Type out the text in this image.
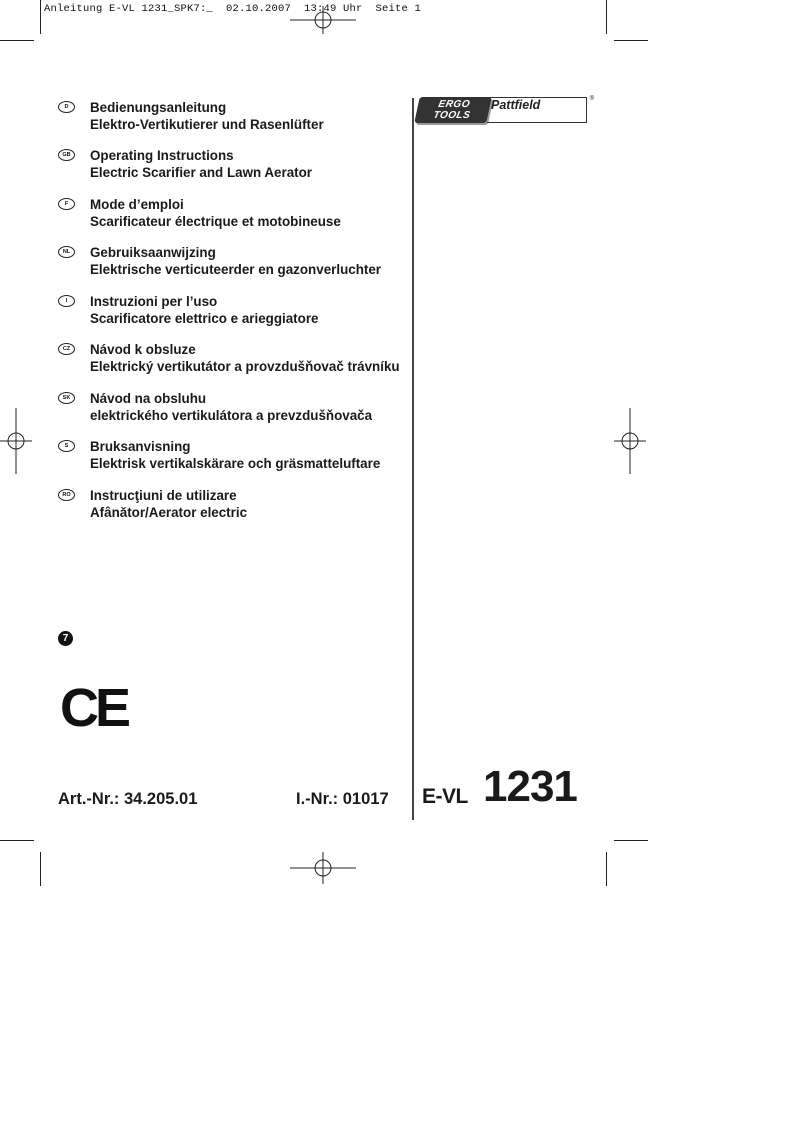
Anleitung E-VL 1231_SPK7:_  02.10.2007  13:49 Uhr  Seite 1
D	Bedienungsanleitung
Elektro-Vertikutierer und Rasenlüfter
GB	Operating Instructions
Electric Scarifier and Lawn Aerator
F	Mode d’emploi
Scarificateur électrique et motobineuse
NL	Gebruiksaanwijzing
Elektrische verticuteerder en gazonverluchter
I	Instruzioni per l’uso
Scarificatore elettrico e arieggiatore
CZ	Návod k obsluze
Elektrický vertikutátor a provzdušňovač trávníku
SK	Návod na obsluhu
elektrického vertikulátora a prevzdušňovača
S	Bruksanvisning
Elektrisk vertikalskärare och gräsmatteluftare
RO	Instrucţiuni de utilizare
Afânător/Aerator electric
ERGO
TOOLS
Pattfield	®
7
CE
Art.-Nr.: 34.205.01	I.-Nr.: 01017 E-VL 1231
